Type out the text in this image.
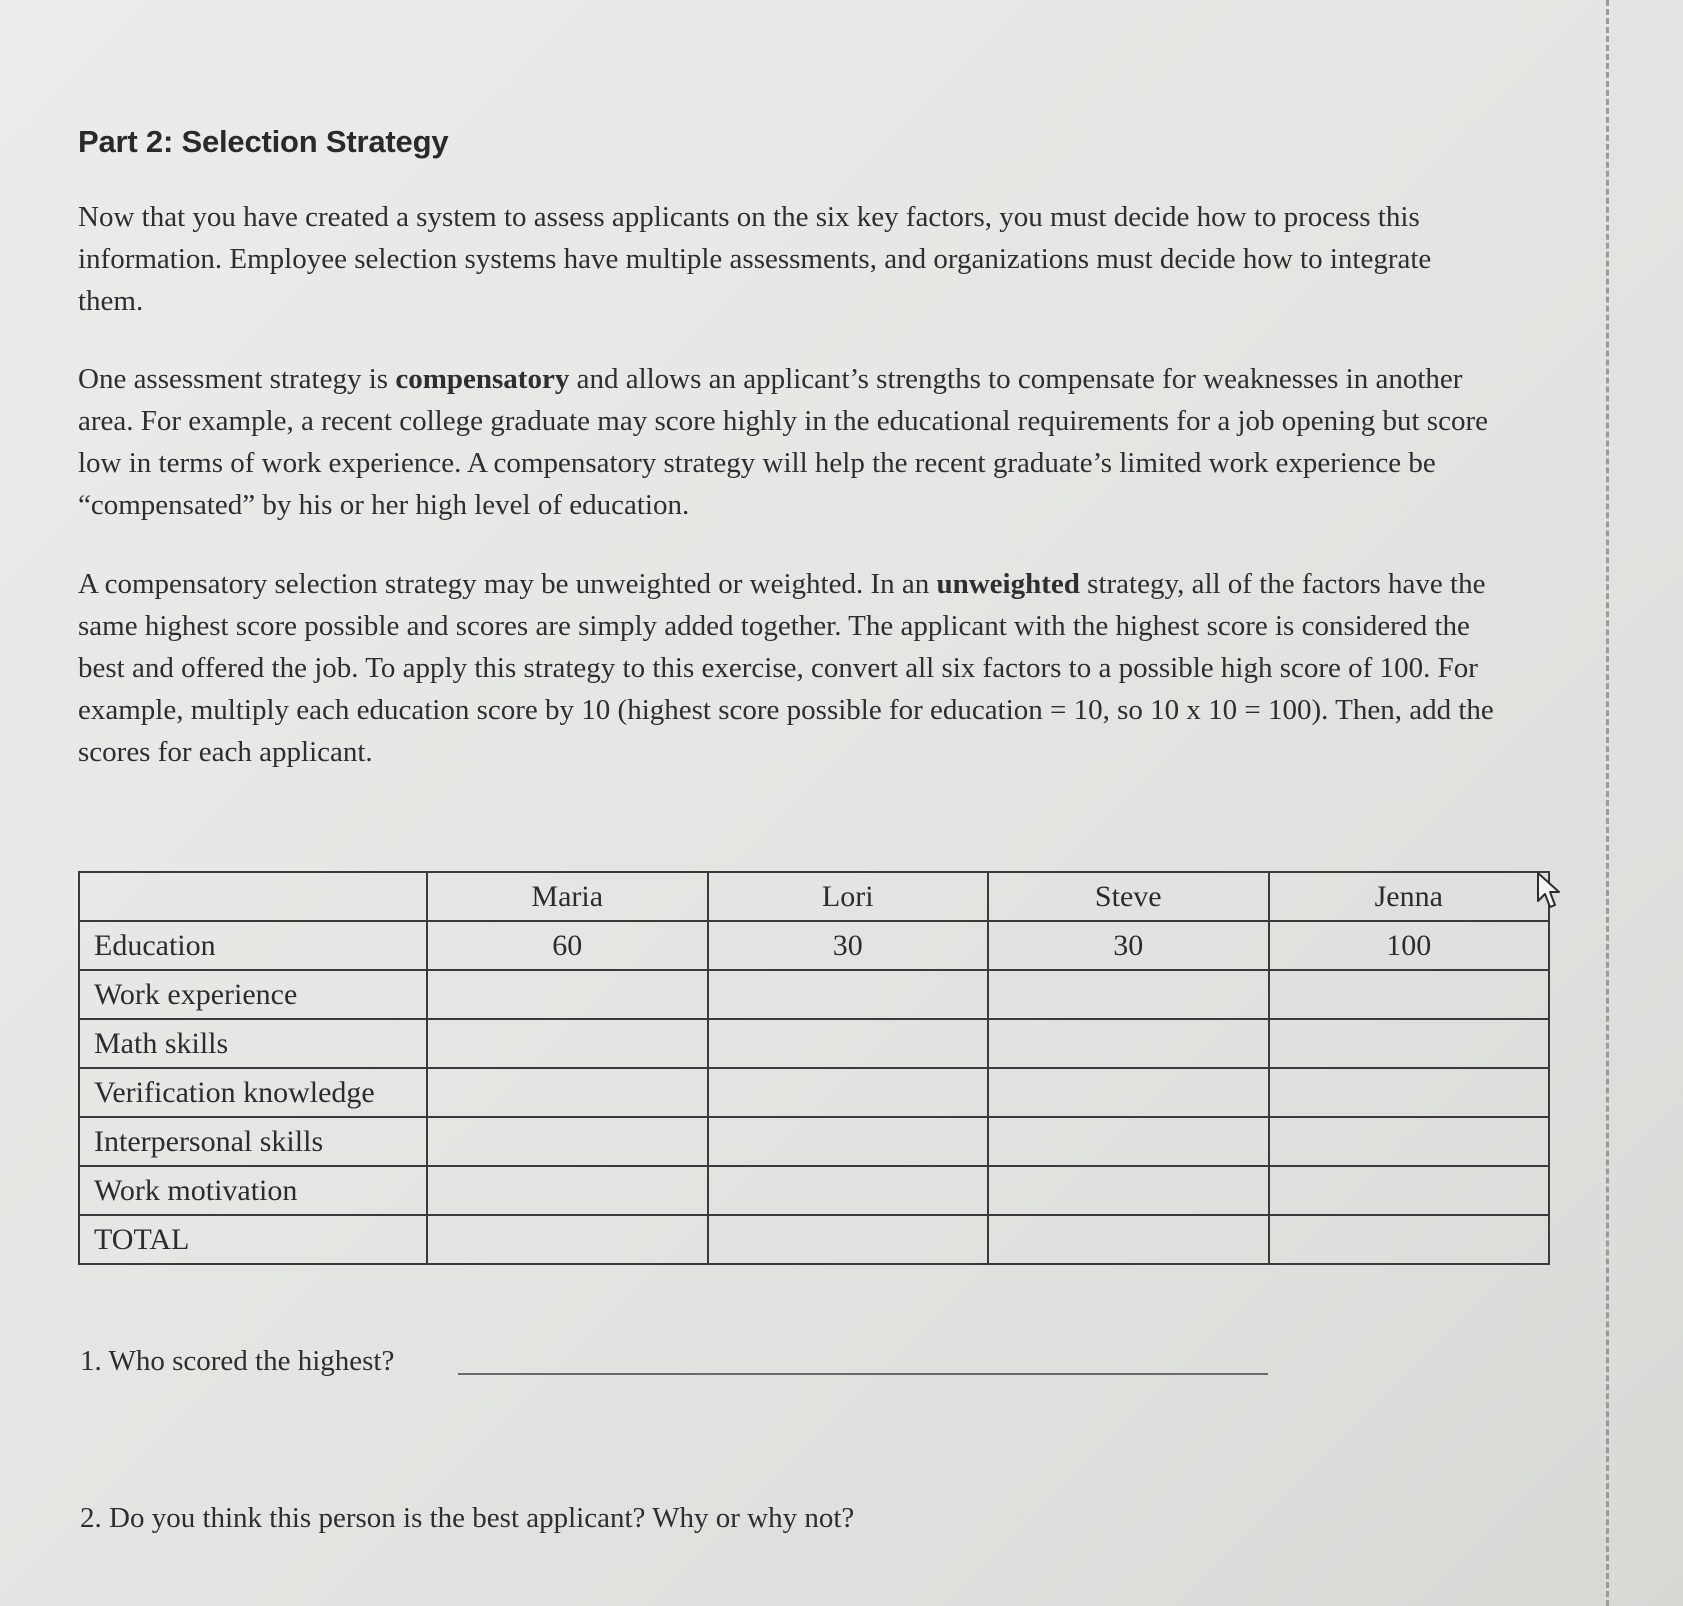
Part 2: Selection Strategy

Now that you have created a system to assess applicants on the six key factors, you must decide how to process this information. Employee selection systems have multiple assessments, and organizations must decide how to integrate them.

One assessment strategy is compensatory and allows an applicant’s strengths to compensate for weaknesses in another area. For example, a recent college graduate may score highly in the educational requirements for a job opening but score low in terms of work experience. A compensatory strategy will help the recent graduate’s limited work experience be “compensated” by his or her high level of education.

A compensatory selection strategy may be unweighted or weighted. In an unweighted strategy, all of the factors have the same highest score possible and scores are simply added together. The applicant with the highest score is considered the best and offered the job. To apply this strategy to this exercise, convert all six factors to a possible high score of 100. For example, multiply each education score by 10 (highest score possible for education = 10, so 10 x 10 = 100). Then, add the scores for each applicant.

	Maria	Lori	Steve	Jenna
Education	60	30	30	100
Work experience				
Math skills				
Verification knowledge				
Interpersonal skills				
Work motivation				
TOTAL				

1. Who scored the highest?

2. Do you think this person is the best applicant? Why or why not?
